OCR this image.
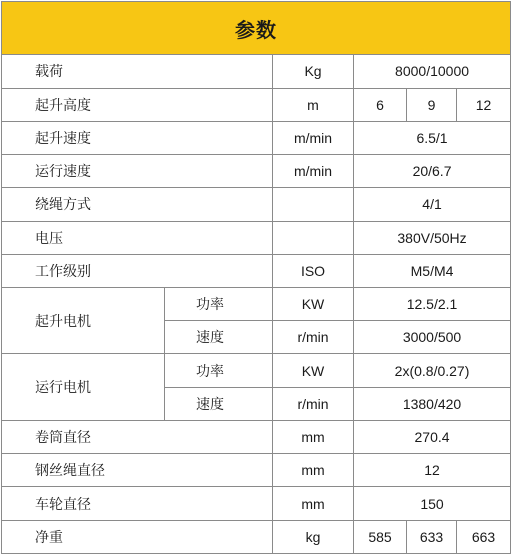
参数					
载荷		Kg	8000/10000		
起升高度		m	6	9	12
起升速度		m/min	6.5/1		
运行速度		m/min	20/6.7		
绕绳方式			4/1		
电压			380V/50Hz		
工作级别		ISO	M5/M4		
起升电机	功率	KW	12.5/2.1		
	速度	r/min	3000/500		
运行电机	功率	KW	2x(0.8/0.27)		
	速度	r/min	1380/420		
卷筒直径		mm	270.4		
钢丝绳直径		mm	12		
车轮直径		mm	150		
净重		kg	585	633	663
